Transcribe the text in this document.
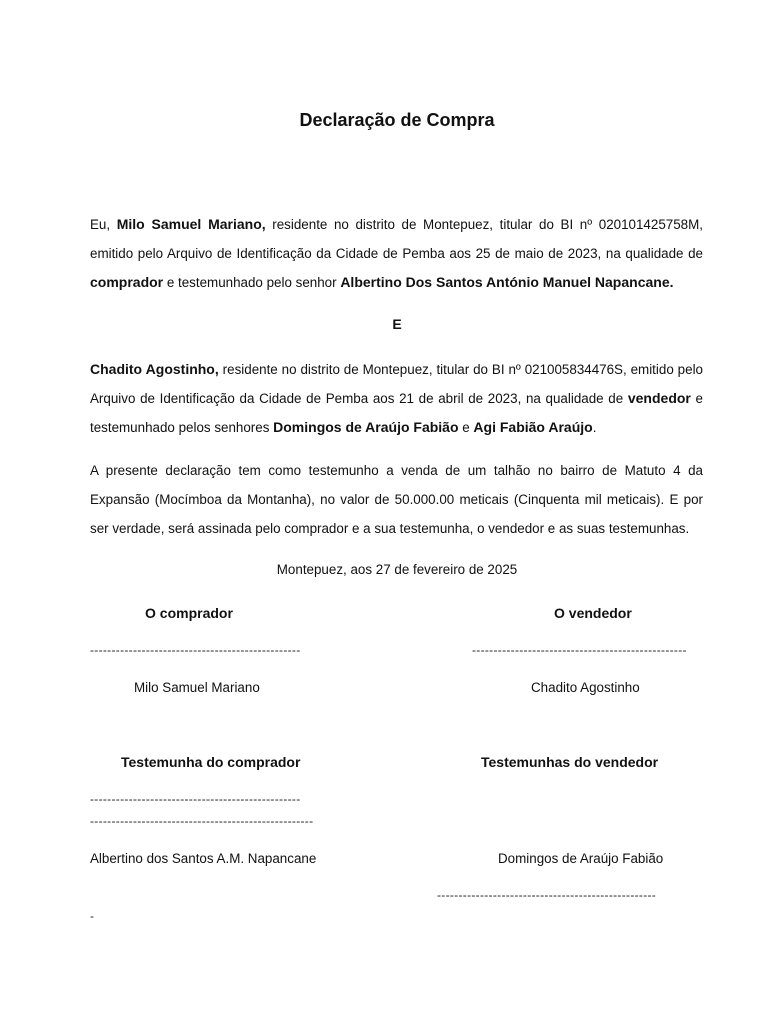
Declaração de Compra
Eu, Milo Samuel Mariano, residente no distrito de Montepuez, titular do BI nº 020101425758M, emitido pelo Arquivo de Identificação da Cidade de Pemba aos 25 de maio de 2023, na qualidade de comprador e testemunhado pelo senhor Albertino Dos Santos António Manuel Napancane.
E
Chadito Agostinho, residente no distrito de Montepuez, titular do BI nº 021005834476S, emitido pelo Arquivo de Identificação da Cidade de Pemba aos 21 de abril de 2023, na qualidade de vendedor e testemunhado pelos senhores Domingos de Araújo Fabião e Agi Fabião Araújo.
A presente declaração tem como testemunho a venda de um talhão no bairro de Matuto 4 da Expansão (Mocímboa da Montanha), no valor de 50.000.00 meticais (Cinquenta mil meticais). E por ser verdade, será assinada pelo comprador e a sua testemunha, o vendedor e as suas testemunhas.
Montepuez, aos 27 de fevereiro de 2025
O comprador
-------------------------------------------------
Milo Samuel Mariano
O vendedor
--------------------------------------------------
Chadito Agostinho
Testemunha do comprador	Testemunhas do vendedor
-------------------------------------------------
----------------------------------------------------
Albertino dos Santos A.M. Napancane	Domingos de Araújo Fabião
---------------------------------------------------
-
